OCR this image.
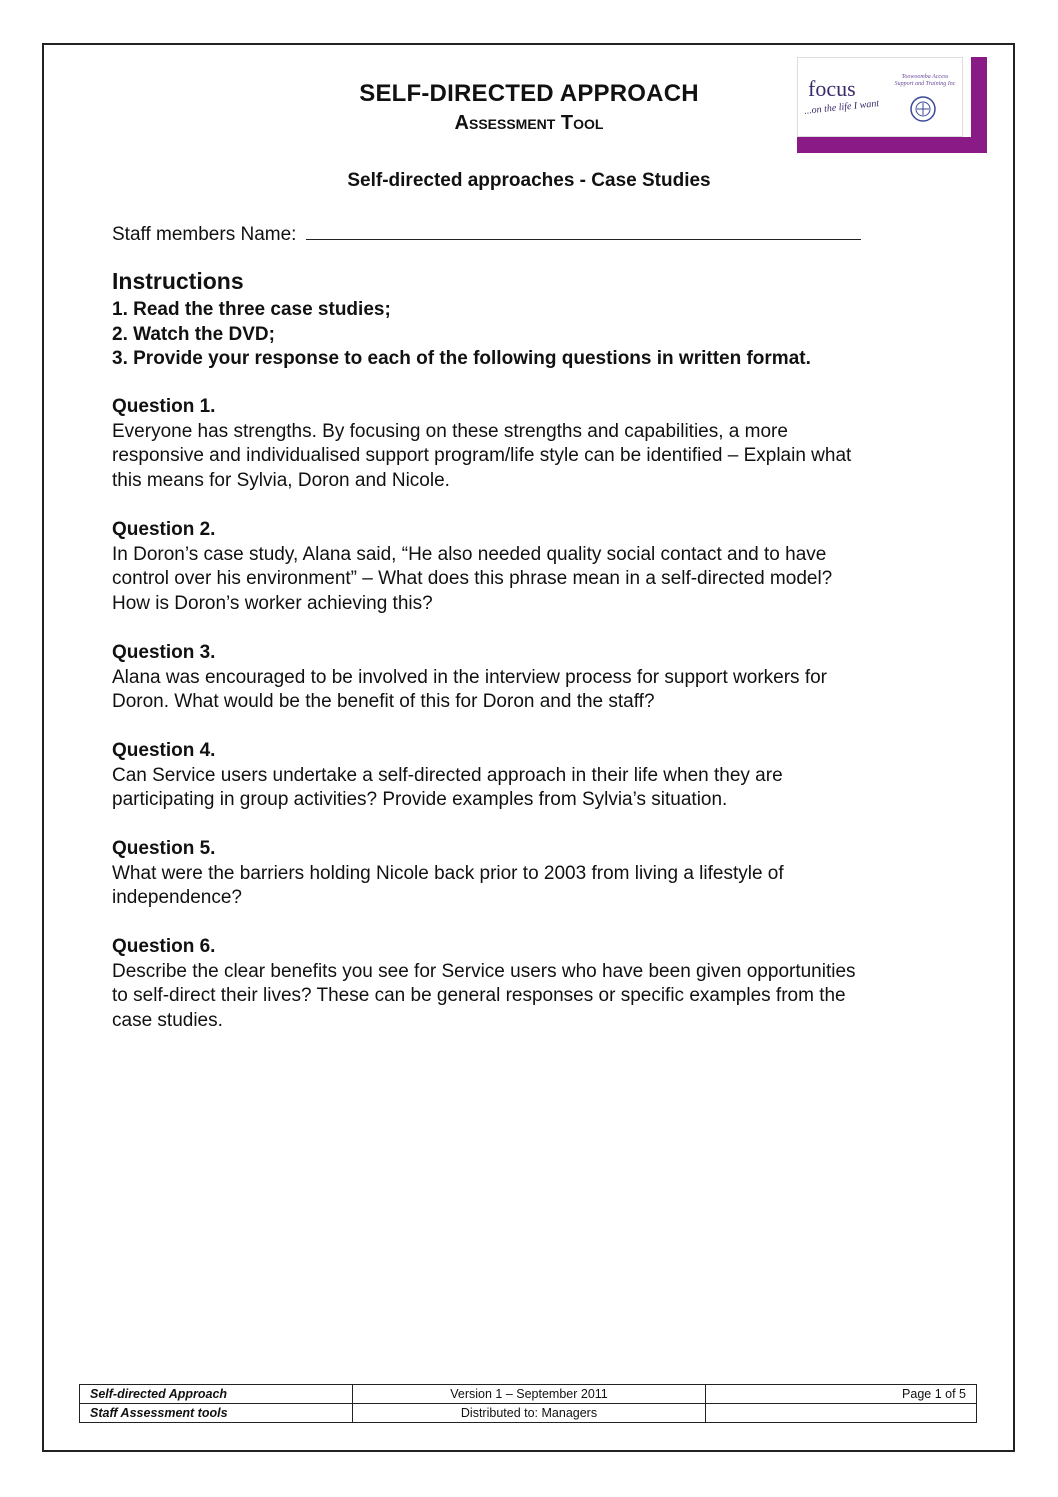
SELF-DIRECTED APPROACH
Assessment Tool
focus
...on the life I want
Toowoomba Access Support and Training Inc
Self-directed approaches - Case Studies
Staff members Name:
Instructions
1. Read the three case studies;
2. Watch the DVD;
3. Provide your response to each of the following questions in written format.
Question 1.
Everyone has strengths. By focusing on these strengths and capabilities, a more
responsive and individualised support program/life style can be identified – Explain what
this means for Sylvia, Doron and Nicole.
Question 2.
In Doron’s case study, Alana said, “He also needed quality social contact and to have
control over his environment” – What does this phrase mean in a self-directed model?
How is Doron’s worker achieving this?
Question 3.
Alana was encouraged to be involved in the interview process for support workers for
Doron. What would be the benefit of this for Doron and the staff?
Question 4.
Can Service users undertake a self-directed approach in their life when they are
participating in group activities? Provide examples from Sylvia’s situation.
Question 5.
What were the barriers holding Nicole back prior to 2003 from living a lifestyle of
independence?
Question 6.
Describe the clear benefits you see for Service users who have been given opportunities
to self-direct their lives? These can be general responses or specific examples from the
case studies.
Self-directed Approach	Version 1 – September 2011	Page 1 of 5
Staff Assessment tools	Distributed to: Managers	
